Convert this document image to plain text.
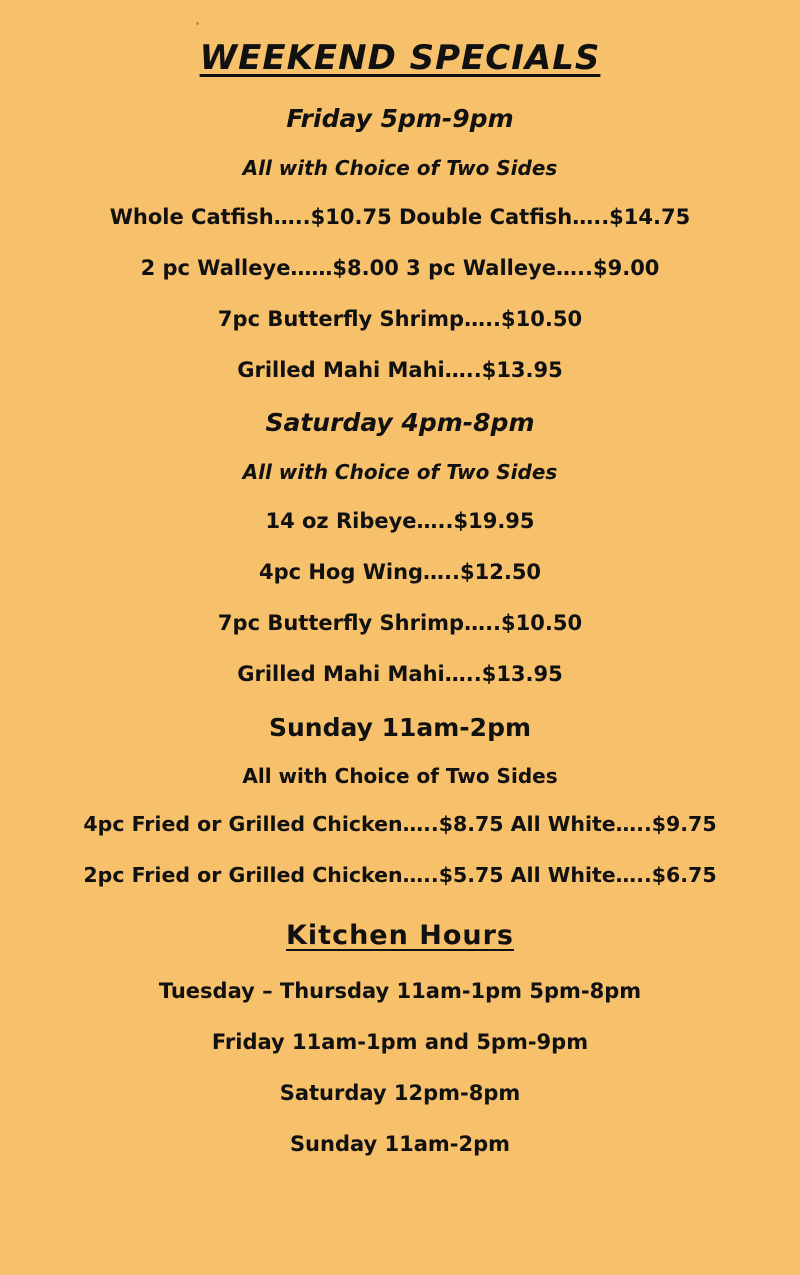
WEEKEND SPECIALS
Friday 5pm-9pm
All with Choice of Two Sides
Whole Catfish…..$10.75 Double Catfish…..$14.75
2 pc Walleye……$8.00 3 pc Walleye…..$9.00
7pc Butterfly Shrimp…..$10.50
Grilled Mahi Mahi…..$13.95
Saturday 4pm-8pm
All with Choice of Two Sides
14 oz Ribeye…..$19.95
4pc Hog Wing…..$12.50
7pc Butterfly Shrimp…..$10.50
Grilled Mahi Mahi…..$13.95
Sunday 11am-2pm
All with Choice of Two Sides
4pc Fried or Grilled Chicken…..$8.75 All White…..$9.75
2pc Fried or Grilled Chicken…..$5.75 All White…..$6.75
Kitchen Hours
Tuesday – Thursday 11am-1pm 5pm-8pm
Friday 11am-1pm and 5pm-9pm
Saturday 12pm-8pm
Sunday 11am-2pm
